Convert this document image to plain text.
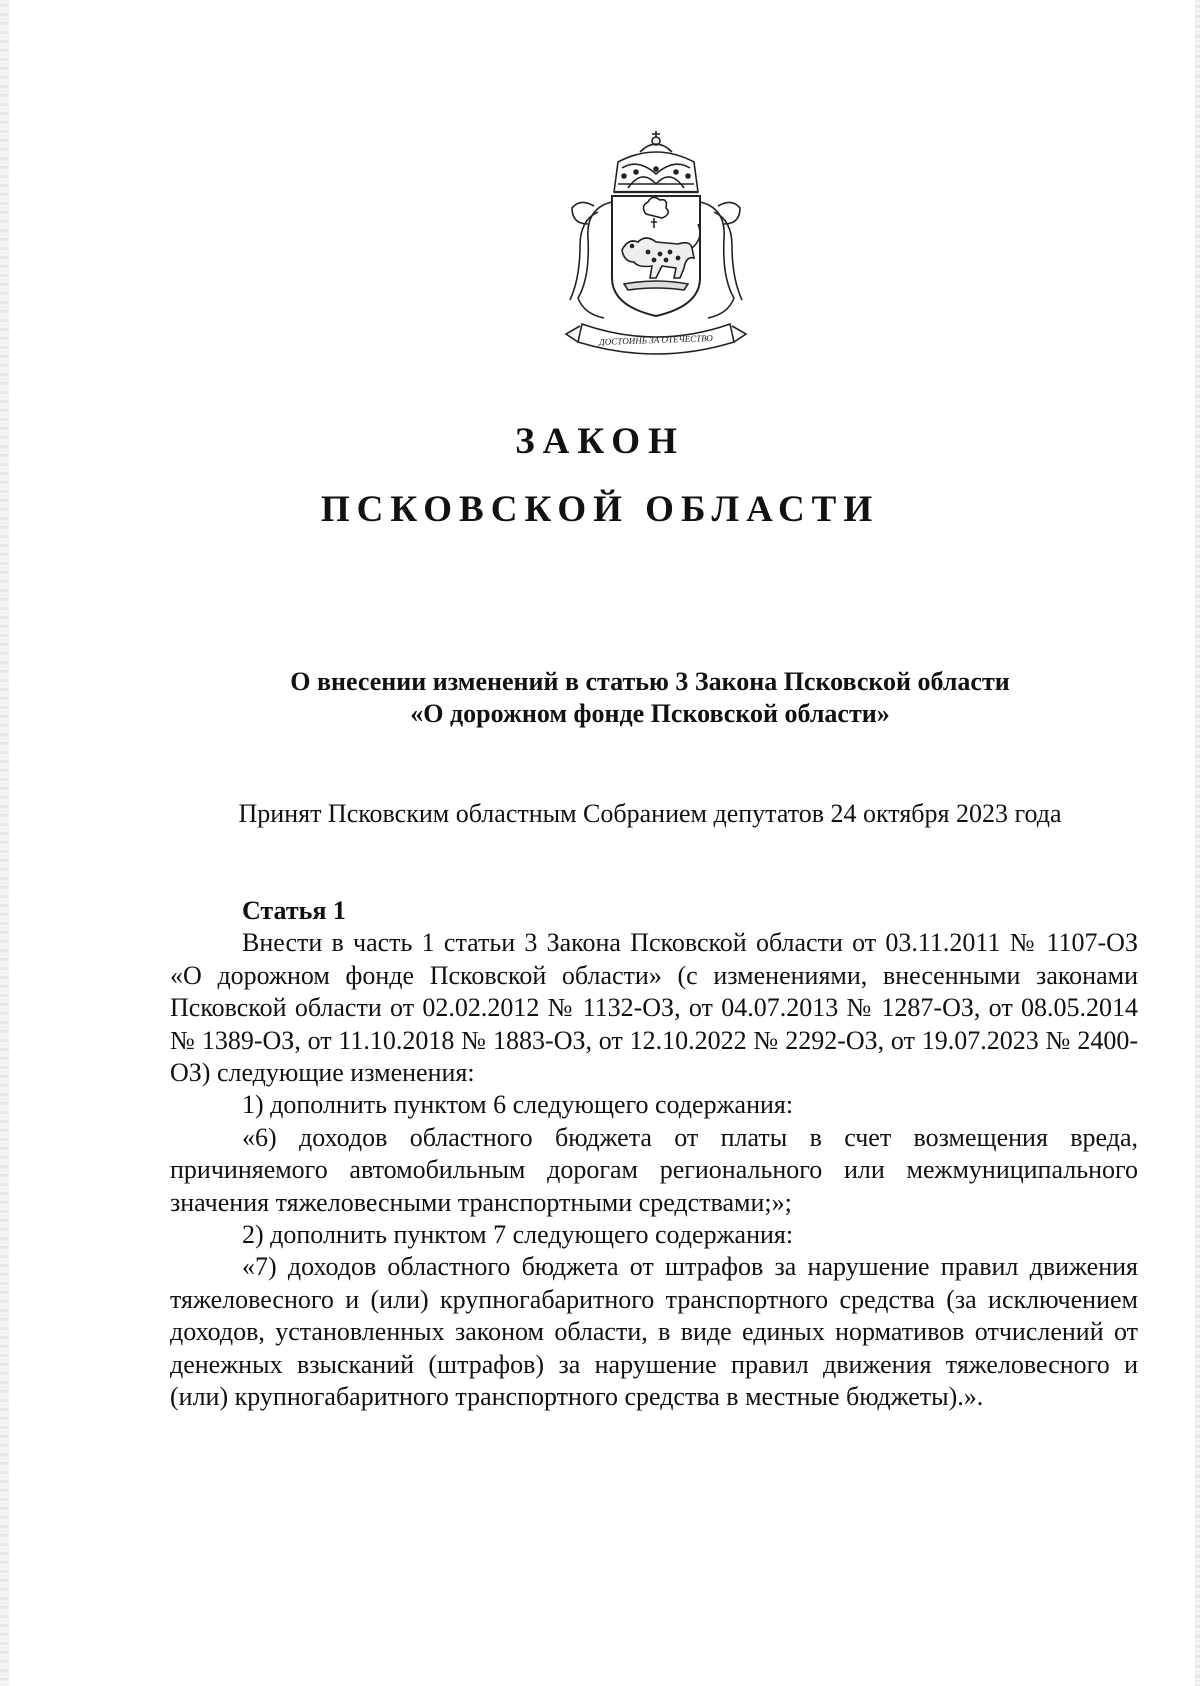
ДОСТОИНЬ ЗА ОТЕЧЕСТВО
ЗАКОН
ПСКОВСКОЙ ОБЛАСТИ
О внесении изменений в статью 3 Закона Псковской области
«О дорожном фонде Псковской области»
Принят Псковским областным Собранием депутатов 24 октября 2023 года
Статья 1

Внести в часть 1 статьи 3 Закона Псковской области от 03.11.2011 № 1107-ОЗ «О дорожном фонде Псковской области» (с изменениями, внесенными законами Псковской области от 02.02.2012 № 1132-ОЗ, от 04.07.2013 № 1287-ОЗ, от 08.05.2014 № 1389-ОЗ, от 11.10.2018 № 1883-ОЗ, от 12.10.2022 № 2292-ОЗ, от 19.07.2023 № 2400-ОЗ) следующие изменения:

1) дополнить пунктом 6 следующего содержания:

«6) доходов областного бюджета от платы в счет возмещения вреда, причиняемого автомобильным дорогам регионального или межмуниципального значения тяжеловесными транспортными средствами;»;

2) дополнить пунктом 7 следующего содержания:

«7) доходов областного бюджета от штрафов за нарушение правил движения тяжеловесного и (или) крупногабаритного транспортного средства (за исключением доходов, установленных законом области, в виде единых нормативов отчислений от денежных взысканий (штрафов) за нарушение правил движения тяжеловесного и (или) крупногабаритного транспортного средства в местные бюджеты).».
